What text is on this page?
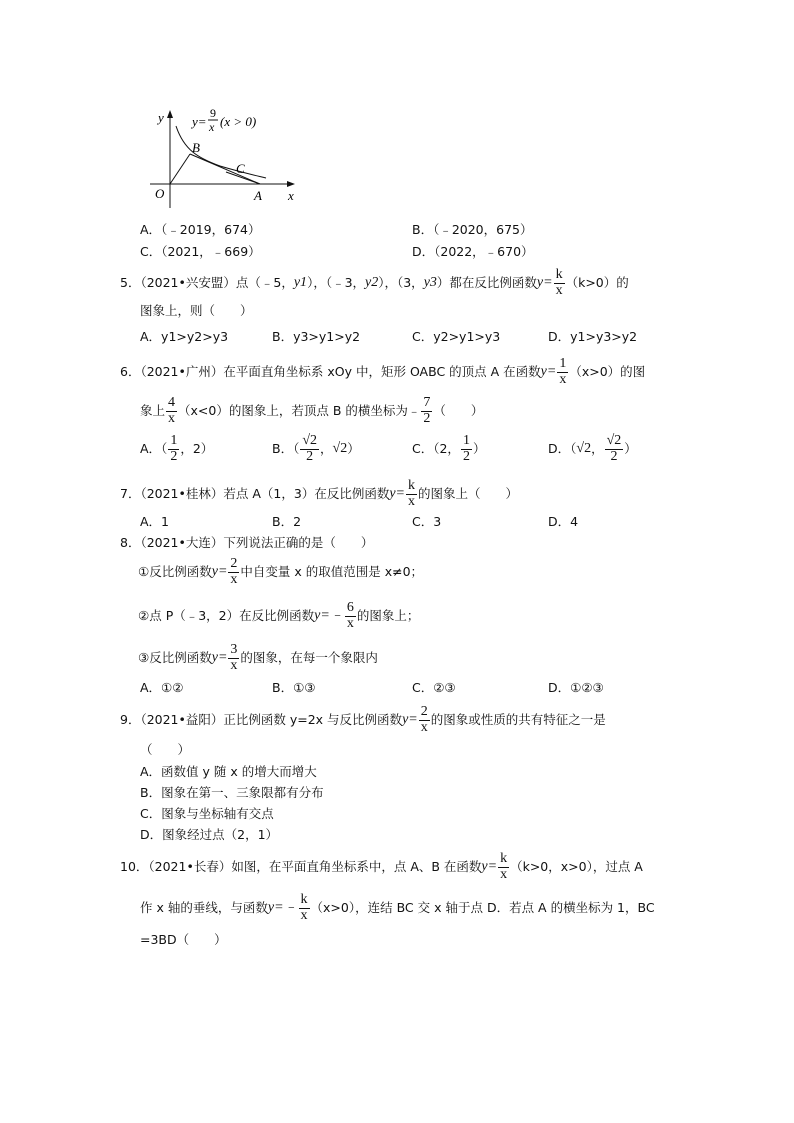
y
x
O	A
B
C
y=
9
x (x > 0)
A．（﹣2019，674）	B．（﹣2020，675）
C．（2021，﹣669）	D．（2022，﹣670）
5．（2021•兴安盟）点（﹣5， y1 ），（﹣3， y2 ），（3， y3 ）都在反比例函数 $y= \frac{k}{x} (k>0)$的
图象上，则（　　）
A．y1>y2>y3	B．y3>y1>y2	C．y2>y1>y3	D．y1>y3>y2
6．（2021•广州）在平面直角坐标系 xOy 中，矩形 OABC 的顶点 A 在函数 $y= \frac{1}{x} (x>0)$的图
象上 $\frac{4}{x} (x<0)$的图象上，若顶点 B 的横坐标为﹣ $\frac{7}{2}$ （　　）
A．（ $\frac{1}{2}$ ，2）	B．（ $\frac{√2}{2}$ ， √2 ）	C．（2， $\frac{1}{2}$ ）	D．（ √2 ， $\frac{√2}{2}$ ）
7．（2021•桂林）若点 A（1，3）在反比例函数 $y= \frac{k}{x}$ 的图象上（　　）
A．1	B．2	C．3	D．4
8．（2021•大连）下列说法正确的是（　　）
① 反比例函数 $y= \frac{2}{x}$ 中自变量 x 的取值范围是 x≠0；
② 点 P（﹣3，2）在反比例函数 y=﹣ $\frac{6}{x}$ 的图象上；
③ 反比例函数 $y= \frac{3}{x}$ 的图象，在每一个象限内
A．①②	B．①③	C．②③	D．①②③
9．（2021•益阳）正比例函数 y=2x 与反比例函数 $y= \frac{2}{x}$ 的图象或性质的共有特征之一是
（　　）
A．函数值 y 随 x 的增大而增大
B．图象在第一、三象限都有分布
C．图象与坐标轴有交点
D．图象经过点（2，1）
10．（2021•长春）如图，在平面直角坐标系中，点 A、B 在函数 $y= \frac{k}{x} (k>0$，x>0），过点 A
作 x 轴的垂线，与函数 y=﹣ $\frac{k}{x} (x>0)$，连结 BC 交 x 轴于点 D．若点 A 的横坐标为 1，BC
=3BD（　　）
